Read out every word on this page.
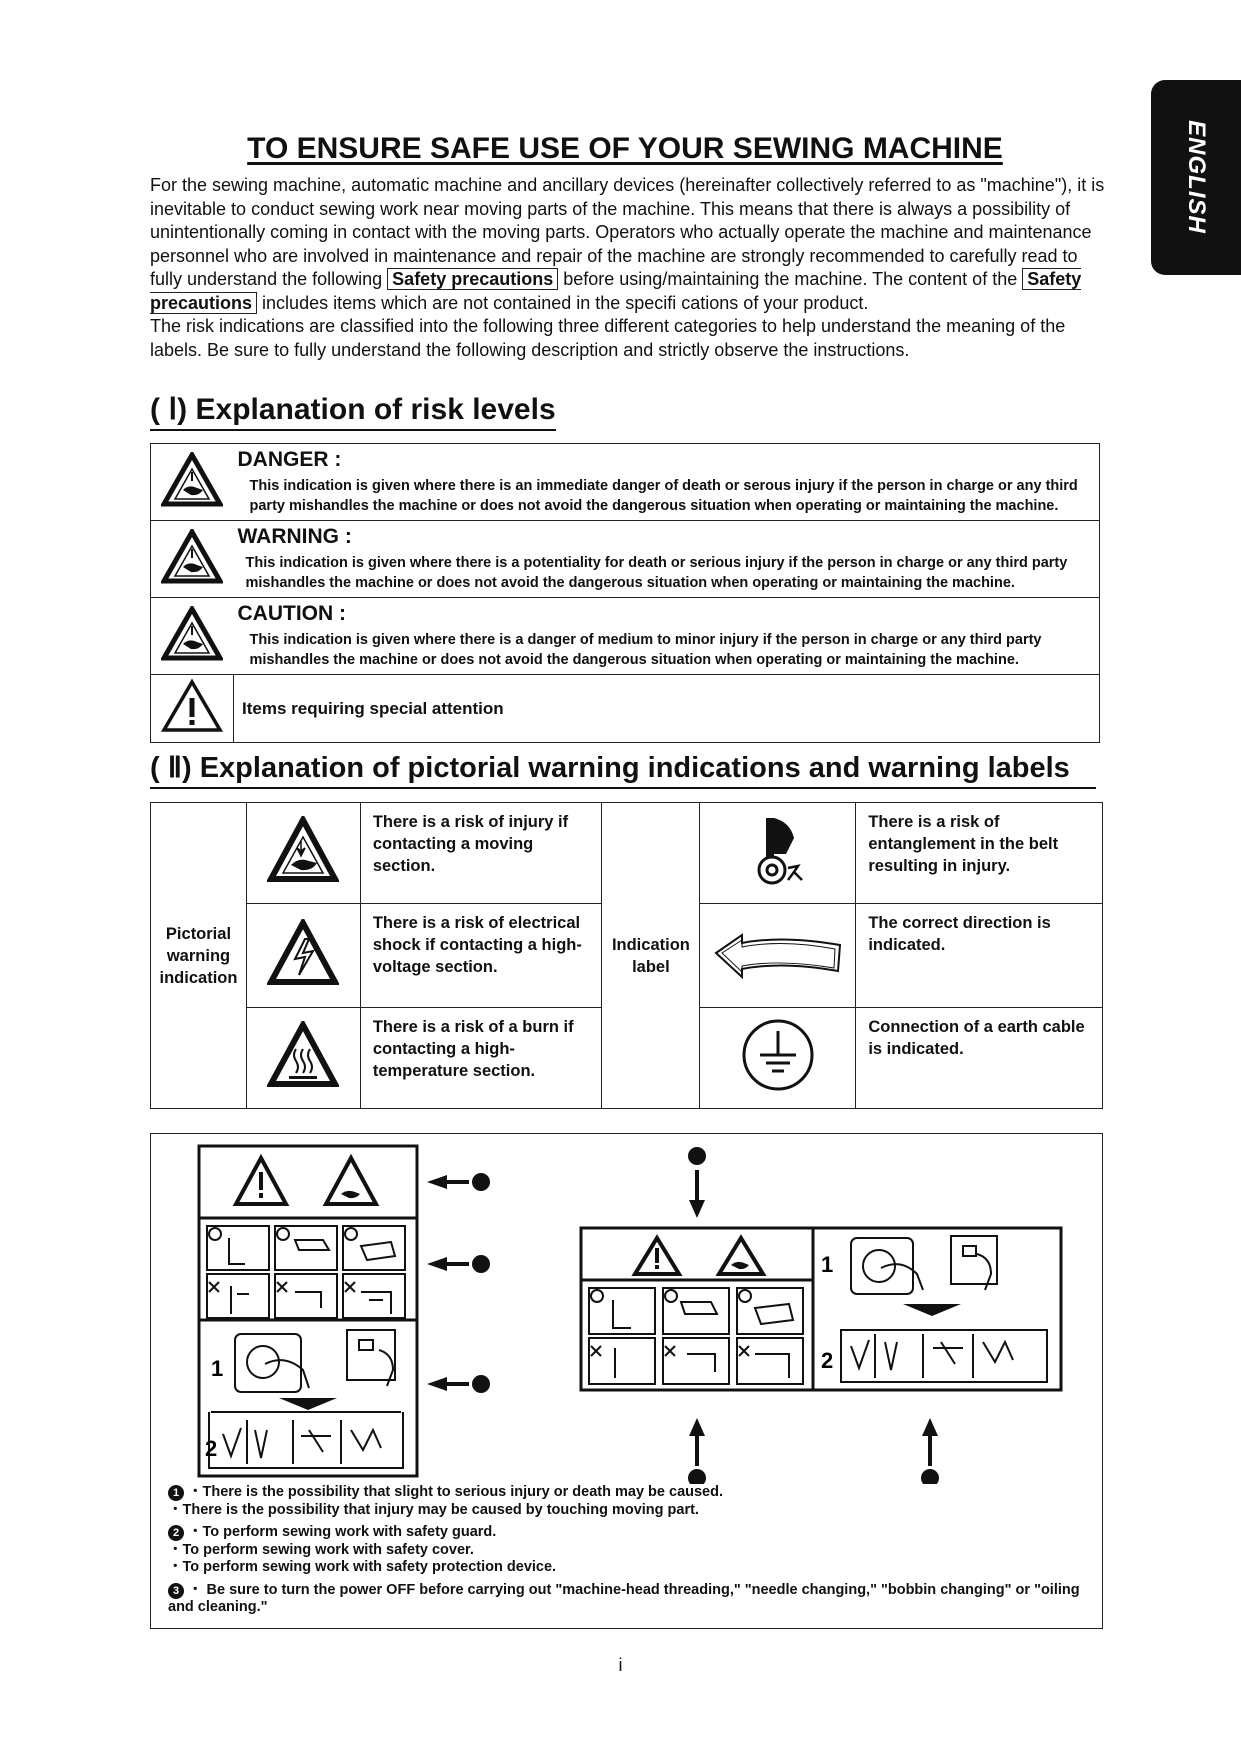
ENGLISH
TO ENSURE SAFE USE OF YOUR SEWING MACHINE

For the sewing machine, automatic machine and ancillary devices (hereinafter collectively referred to as "machine"), it is inevitable to conduct sewing work near moving parts of the machine. This means that there is always a possibility of unintentionally coming in contact with the moving parts. Operators who actually operate the machine and maintenance personnel who are involved in maintenance and repair of the machine are strongly recommended to carefully read to fully understand the following Safety precautions before using/maintaining the machine. The content of the Safety precautions includes items which are not contained in the specifi cations of your product.

The risk indications are classified into the following three different categories to help understand the meaning of the labels. Be sure to fully understand the following description and strictly observe the instructions.

( Ⅰ) Explanation of risk levels

DANGER :
This indication is given where there is an immediate danger of death or serous injury if the person in charge or any third party mishandles the machine or does not avoid the dangerous situation when operating or maintaining the machine.

WARNING :
This indication is given where there is a potentiality for death or serious injury if the person in charge or any third party mishandles the machine or does not avoid the dangerous situation when operating or maintaining the machine.

CAUTION :
This indication is given where there is a danger of medium to minor injury if the person in charge or any third party mishandles the machine or does not avoid the dangerous situation when operating or maintaining the machine.

	Items requiring special attention
( Ⅱ) Explanation of pictorial warning indications and warning labels
Pictorial warning indication		There is a risk of injury if contacting a moving section.	Indication label		There is a risk of entanglement in the belt resulting in injury.
	There is a risk of electrical shock if contacting a high-voltage section.			The correct direction is indicated.
	There is a risk of a burn if contacting a high-temperature section.			Connection of a earth cable is indicated.
1
2
1
2

1 ・There is the possibility that slight to serious injury or death may be caused.

・There is the possibility that injury may be caused by touching moving part.

2 ・To perform sewing work with safety guard.

・To perform sewing work with safety cover.

・To perform sewing work with safety protection device.

3 ・ Be sure to turn the power OFF before carrying out "machine-head threading," "needle changing," "bobbin changing" or "oiling and cleaning."

i
